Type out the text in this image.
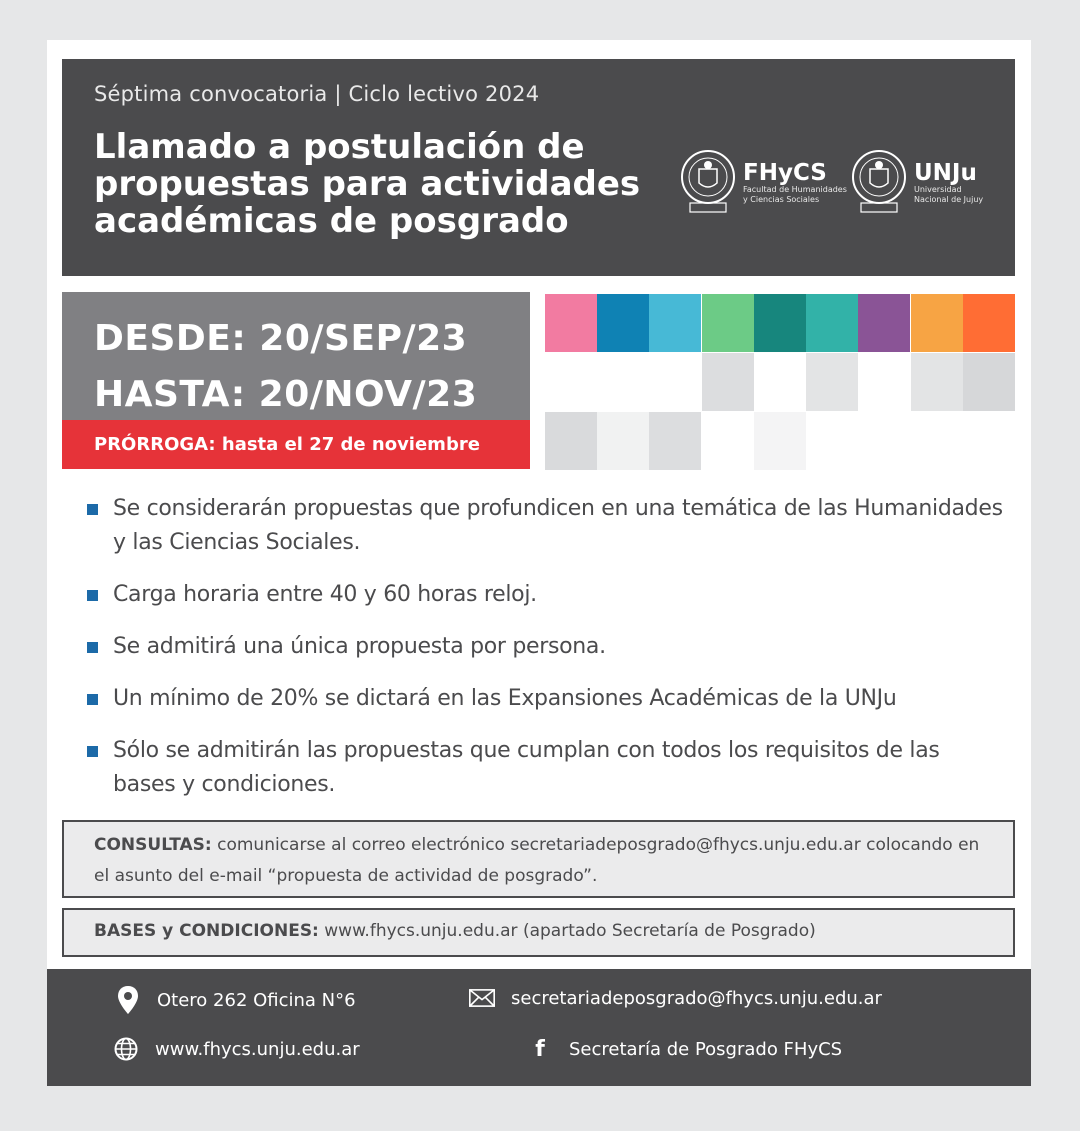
Séptima convocatoria | Ciclo lectivo 2024
Llamado a postulación de propuestas para actividades académicas de posgrado
FHyCS
Facultad de Humanidades
y Ciencias Sociales
UNJu
Universidad
Nacional de Jujuy
DESDE: 20/SEP/23
HASTA: 20/NOV/23
PRÓRROGA: hasta el 27 de noviembre
Se considerarán propuestas que profundicen en una temática de las Humanidades y las Ciencias Sociales.
Carga horaria entre 40 y 60 horas reloj.
Se admitirá una única propuesta por persona.
Un mínimo de 20% se dictará en las Expansiones Académicas de la UNJu
Sólo se admitirán las propuestas que cumplan con todos los requisitos de las bases y condiciones.
CONSULTAS: comunicarse al correo electrónico secretariadeposgrado@fhycs.unju.edu.ar colocando en el asunto del e-mail “propuesta de actividad de posgrado”.
BASES y CONDICIONES: www.fhycs.unju.edu.ar (apartado Secretaría de Posgrado)
Otero 262 Oficina N°6	secretariadeposgrado@fhycs.unju.edu.ar
www.fhycs.unju.edu.ar	f	Secretaría de Posgrado FHyCS
